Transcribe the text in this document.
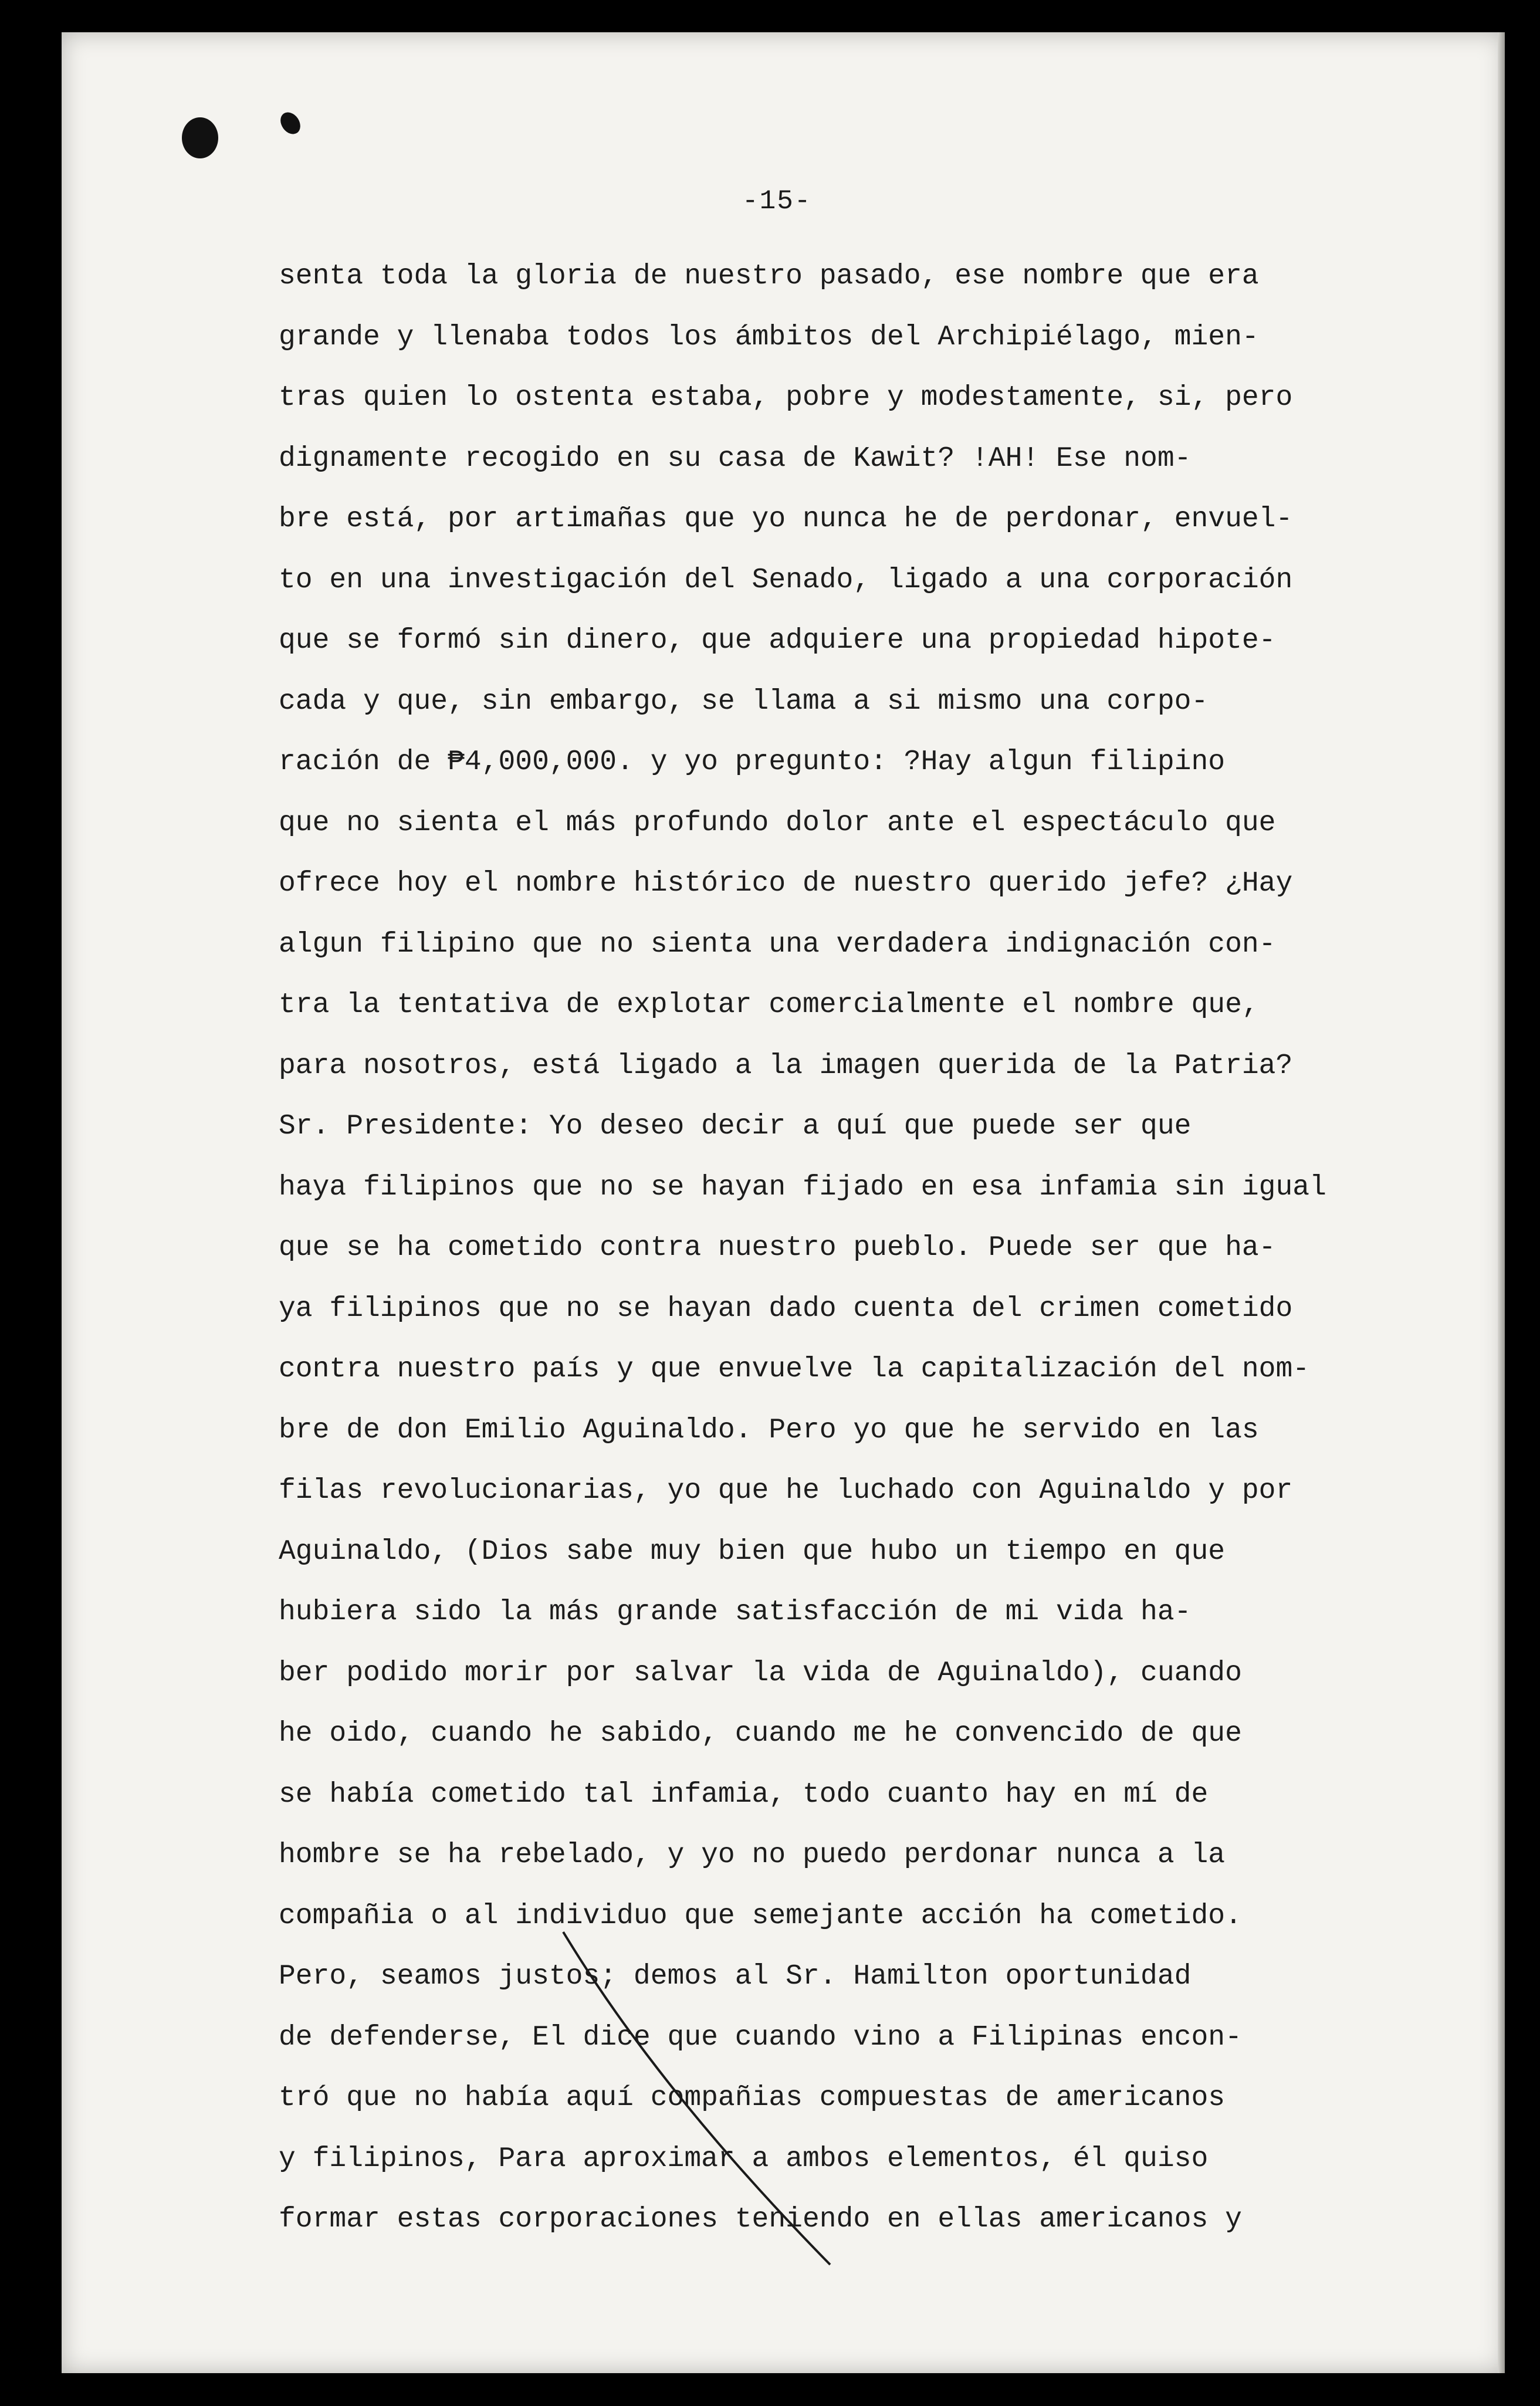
-15-
senta toda la gloria de nuestro pasado, ese nombre que era
grande y llenaba todos los ámbitos del Archipiélago, mien-
tras quien lo ostenta estaba, pobre y modestamente, si, pero
dignamente recogido en su casa de Kawit? !AH! Ese nom-
bre está, por artimañas que yo nunca he de perdonar, envuel-
to en una investigación del Senado, ligado a una corporación
que se formó sin dinero, que adquiere una propiedad hipote-
cada y que, sin embargo, se llama a si mismo una corpo-
ración de ₱4,000,000. y yo pregunto: ?Hay algun filipino
que no sienta el más profundo dolor ante el espectáculo que
ofrece hoy el nombre histórico de nuestro querido jefe? ¿Hay
algun filipino que no sienta una verdadera indignación con-
tra la tentativa de explotar comercialmente el nombre que,
para nosotros, está ligado a la imagen querida de la Patria?
Sr. Presidente: Yo deseo decir a quí que puede ser que
haya filipinos que no se hayan fijado en esa infamia sin igual
que se ha cometido contra nuestro pueblo. Puede ser que ha-
ya filipinos que no se hayan dado cuenta del crimen cometido
contra nuestro país y que envuelve la capitalización del nom-
bre de don Emilio Aguinaldo. Pero yo que he servido en las
filas revolucionarias, yo que he luchado con Aguinaldo y por
Aguinaldo, (Dios sabe muy bien que hubo un tiempo en que
hubiera sido la más grande satisfacción de mi vida ha-
ber podido morir por salvar la vida de Aguinaldo), cuando
he oido, cuando he sabido, cuando me he convencido de que
se había cometido tal infamia, todo cuanto hay en mí de
hombre se ha rebelado, y yo no puedo perdonar nunca a la
compañia o al individuo que semejante acción ha cometido.
Pero, seamos justos; demos al Sr. Hamilton oportunidad
de defenderse, El dice que cuando vino a Filipinas encon-
tró que no había aquí compañias compuestas de americanos
y filipinos, Para aproximar a ambos elementos, él quiso
formar estas corporaciones teniendo en ellas americanos y
